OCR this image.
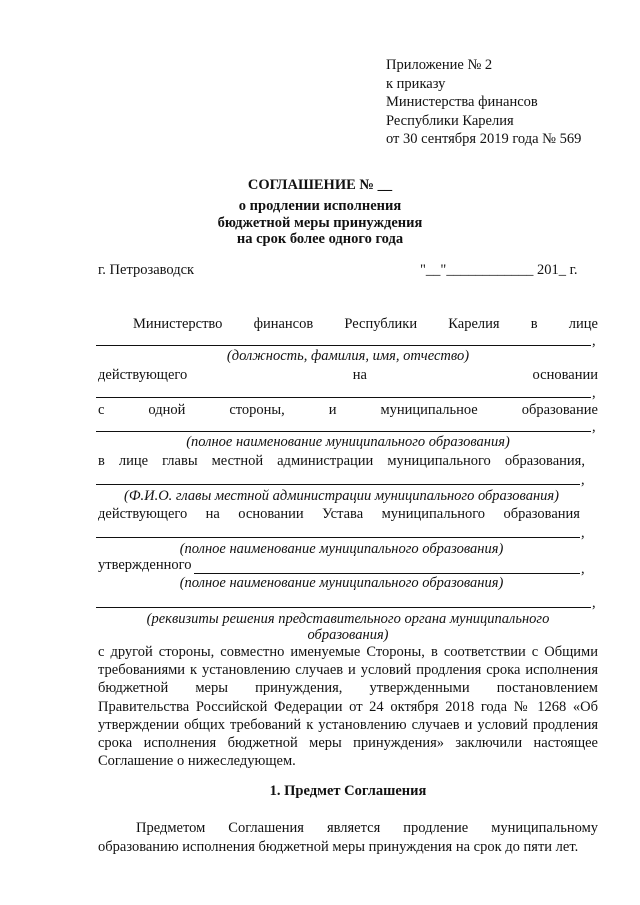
Приложение № 2
к приказу
Министерства финансов
Республики Карелия
от 30 сентября 2019 года № 569
СОГЛАШЕНИЕ № __
о продлении исполнения
бюджетной меры принуждения
на срок более одного года
г. Петрозаводск	"__"____________ 201_ г.
Министерство финансов Республики Карелия в лице
,
(должность, фамилия, имя, отчество)
действующего	на	основании
,
с	одной	стороны,	и	муниципальное	образование
,
(полное наименование муниципального образования)
в лице главы местной администрации муниципального образования,
,
(Ф.И.О. главы местной администрации муниципального образования)
действующего на основании Устава муниципального образования
,
(полное наименование муниципального образования)
утвержденного	,
(полное наименование муниципального образования)
,
(реквизиты решения представительного органа муниципального
образования)
с другой стороны, совместно именуемые Стороны, в соответствии с Общими требованиями к установлению случаев и условий продления срока исполнения бюджетной меры принуждения, утвержденными постановлением Правительства Российской Федерации от 24 октября 2018 года № 1268 «Об утверждении общих требований к установлению случаев и условий продления срока исполнения бюджетной меры принуждения» заключили настоящее Соглашение о нижеследующем.
1. Предмет Соглашения
Предметом Соглашения является продление муниципальному образованию исполнения бюджетной меры принуждения на срок до пяти лет.
